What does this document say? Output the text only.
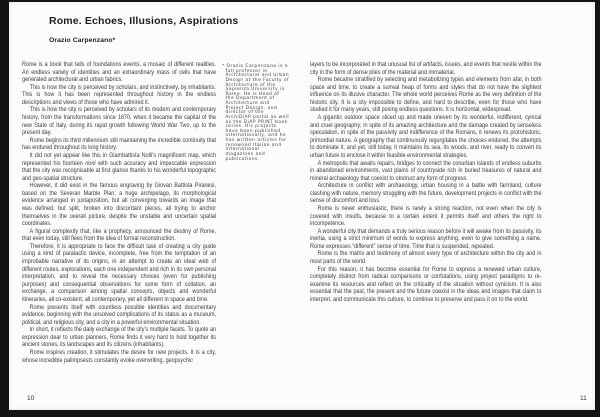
Rome. Echoes, Illusions, Aspirations
Orazio Carpenzano*

Rome is a book that tells of foundations events, a mosaic of different realities. An endless variety of identities and an extraordinary mass of cells that have generated architectural and urban fabrics.

This is how the city is perceived by scholars, and instinctively, by inhabitants. This is how it has been represented throughout history in the endless descriptions and views of those who have admired it.

This is how the city is perceived by scholars of its modern and contemporary history, from the transformations since 1870, when it became the capital of the new State of Italy, during its rapid growth following World War Two, up to the present day.

Rome begins its third millennium still maintaining the incredible continuity that has endured throughout its long history.

It did not yet appear like this in Giambattista Nolli's magnificent map, which represented his fourteen rioni with such accuracy and impeccable expression that the city was recognisable at first glance thanks to his wonderful topographic and geo-spatial structure.

However, it did exist in the famous engraving by Giovan Battista Piranesi, based on the Severan Marble Plan: a huge archipelago, its morphological evidence arranged in juxtaposition, but all converging towards an image that was defined, but split, broken into discordant pieces, all trying to anchor themselves in the overall picture, despite the unstable and uncertain spatial coordinates.

A figural complexity that, like a prophecy, announced the destiny of Rome, that even today, still flees from the idea of formal reconstruction.

Therefore, it is appropriate to face the difficult task of creating a city guide using a kind of paratactic device, incomplete, free from the temptation of an improbable narrative of its origins, in an attempt to create an ideal web of different routes, explorations, each one independent and rich in its own personal interpretation, and to reveal the necessary choices (even for publishing purposes) and consequential observations for some form of collation, an exchange, a comparison among spatial concepts, objects and wonderful itineraries, all co-existent, all contemporary, yet all different in space and time.

Rome presents itself with countless possible identities and documentary evidence, beginning with the unsolved complications of its status as a museum, political, and religious city, and a city in a powerful environmental situation.

In short, it reflects the daily exchange of the city's multiple facets. To quote an expression dear to urban planners, Rome finds it very hard to hold together its ancient stones, its landscapes and its citizens (inhabitants).

Rome inspires creation, it stimulates the desire for new projects. It is a city, whose incredible palimpsests constantly evoke overwriting, geopsychic

* Orazio Carpenzano is a full professor in Architectural and Urban Design at the Faculty of Architecture of the Sapienza University in Rome. He is Head of the Department of Architecture and Project Design, and director of the ArchiDiAP portal as well as the DiAP PRINT book series. His projects have been published internationally, and he has written articles for renowned Italian and international magazines and publications.

layers to be incorporated in that unusual list of artifacts, issues, and events that nestle within the city in the form of dense piles of the material and immaterial.

Rome became stratified by selecting and metabolizing types and elements from afar, in both space and time, to create a surreal heap of forms and styles that do not have the slightest influence on its illusive character. The whole world perceives Rome as the very definition of the historic city. It is a city impossible to define, and hard to describe, even for those who have studied it for many years, still posing endless questions. It is horizontal, widespread.

A gigantic outdoor space sliced up and made uneven by its wonderful, indifferent, cynical and cruel geography; in spite of its amazing architecture and the damage created by senseless speculation, in spite of the passivity and indifference of the Romans, it renews its protohistoric, primordial nature. A geography that continuously regurgitates the choices endured, the attempts to dominate it, and yet, still today, it maintains its sea, its woods, and river, ready to convert its urban future to enclose it within feasible environmental strategies.

A metropolis that awaits repairs, bridges to connect the conurban islands of endless suburbs in abandoned environments, vast plains of countryside rich in buried treasures of natural and mineral archaeology that coexist to obstruct any form of progress.

Architecture in conflict with archaeology, urban housing in a battle with farmland, culture clashing with nature, memory struggling with the future, development projects in conflict with the sense of discomfort and loss.

Rome is never enthusiastic, there is rarely a strong reaction, not even when the city is covered with insults, because to a certain extent it permits itself and others the right to incompetence.

A wonderful city that demands a truly serious reason before it will awake from its passivity, its inertia, using a strict minimum of words to express anything, even to give something a name. Rome expresses “different” sense of time. Time that is suspended, repeated.

Rome is the matrix and testimony of almost every type of architecture within the city and in most parts of the world.

For this reason, it has become essential for Rome to express a renewed urban culture, completely distinct from radical comparisons or confutations, using project paradigms to re-examine its resources and reflect on the criticality of the situation without cynicism. It is also essential that the past, the present and the future coexist in the ideas and images that claim to interpret, and communicate this culture, to continue to preserve and pass it on to the world.

10	11
